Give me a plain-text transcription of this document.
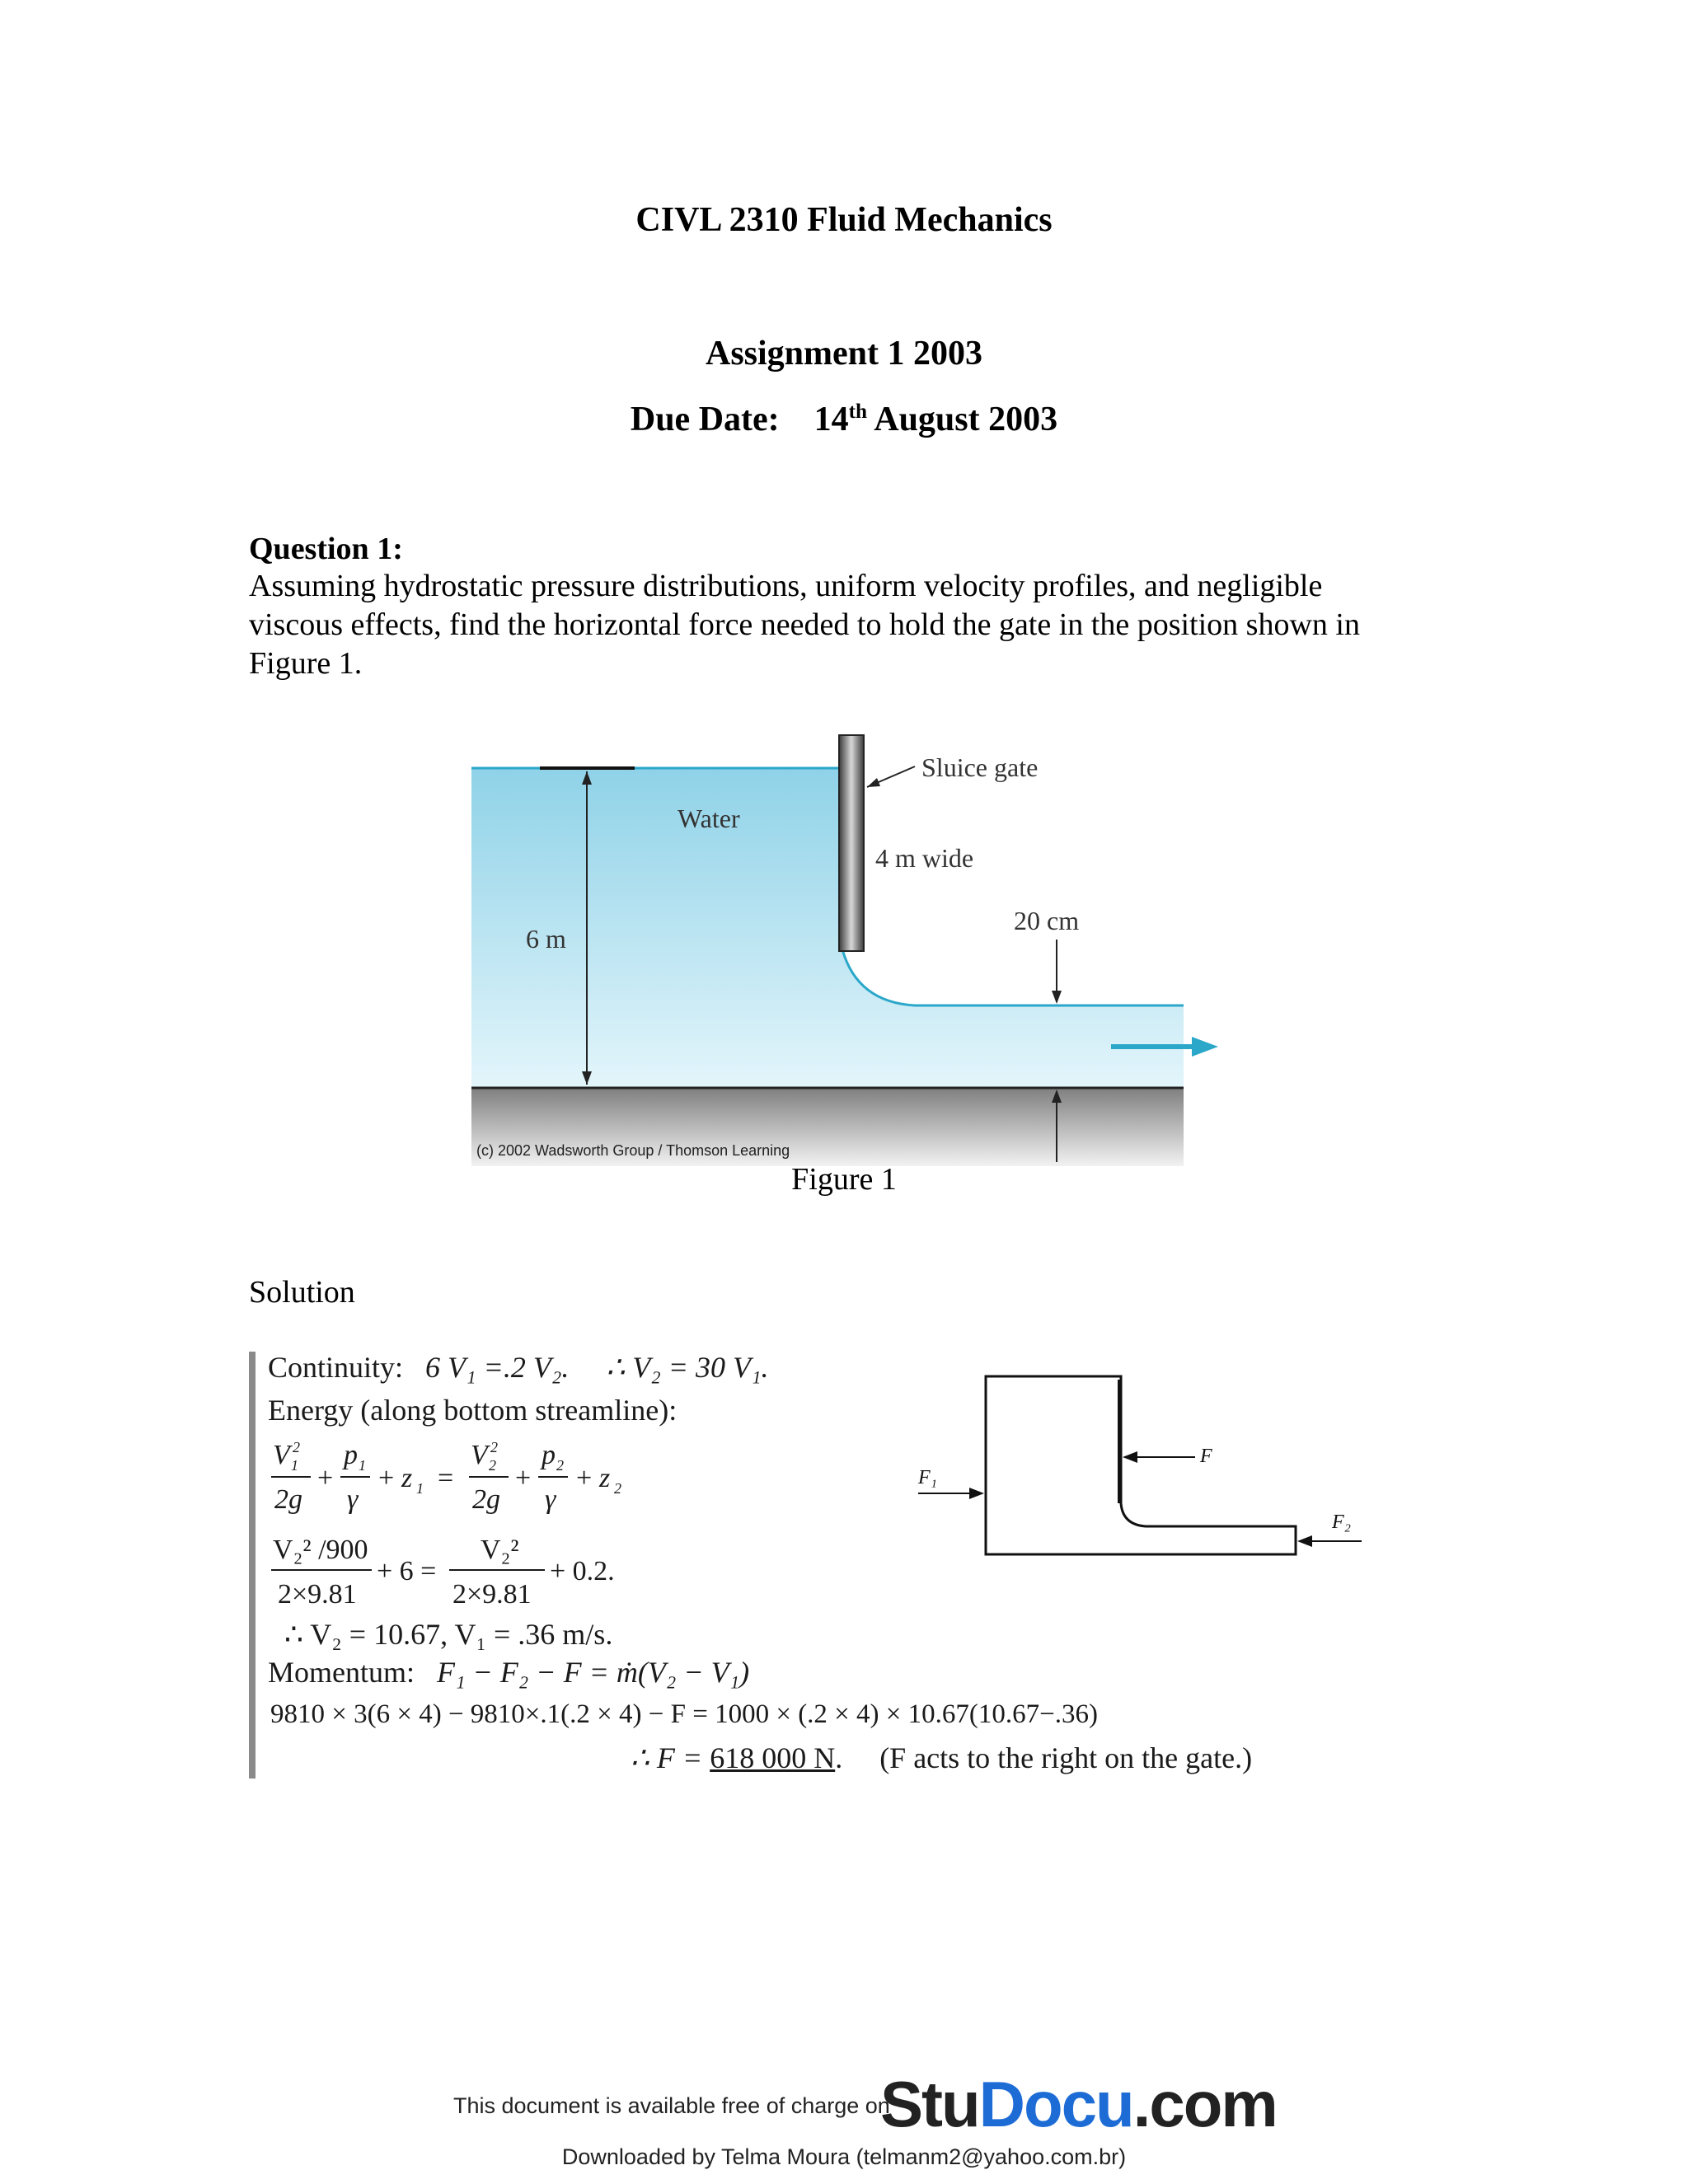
CIVL 2310 Fluid Mechanics
Assignment 1 2003
Due Date: 14th August 2003
Question 1:
Assuming hydrostatic pressure distributions, uniform velocity profiles, and negligible
viscous effects, find the horizontal force needed to hold the gate in the position shown in
Figure 1.
Sluice gate
Water
4 m wide
6 m
20 cm
(c) 2002 Wadsworth Group / Thomson Learning
Figure 1
Solution
Continuity: 6 V₁ =.2 V₂. ∴ V₂ = 30 V₁.
Energy (along bottom streamline):
V 1
2
2g
+
p 1
γ
+ z 1 =
V 2
2
2g
+
p 2
γ
+ z 2
V₂² /900
2×9.81
+ 6 =
V₂²
2×9.81
+ 0.2.
∴ V₂ = 10.67, V₁ = .36 m/s.
Momentum: F₁ − F₂ − F = ṁ(V₂ − V₁)
9810 × 3(6 × 4) − 9810×.1(.2 × 4) − F = 1000 × (.2 × 4) × 10.67(10.67−.36)
∴ F = 618 000 N.     (F acts to the right on the gate.)
F
F₁
F₂
This document is available free of charge on
StuDocu.com
Downloaded by Telma Moura (telmanm2@yahoo.com.br)
